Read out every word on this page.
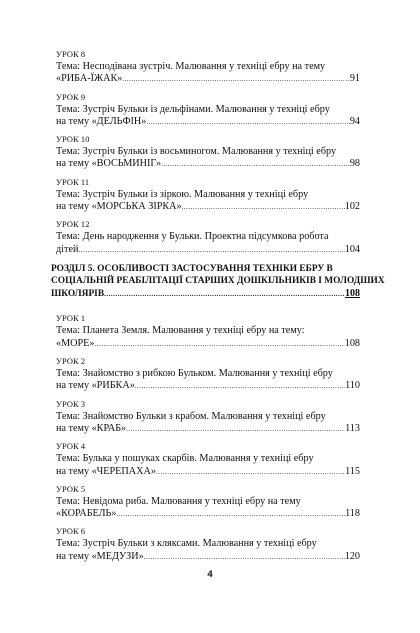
УРОК 8
Тема: Несподівана зустріч. Малювання у техніці ебру на тему
«РИБА-ЇЖАК» .....	91
УРОК 9
Тема: Зустріч Бульки із дельфінами. Малювання у техніці ебру
на тему «ДЕЛЬФІН» .....	94
УРОК 10
Тема: Зустріч Бульки із восьминогом. Малювання у техніці ебру
на тему «ВОСЬМИНІГ» .....	98
УРОК 11
Тема: Зустріч Бульки із зіркою. Малювання у техніці ебру
на тему «МОРСЬКА ЗІРКА» .....	102
УРОК 12
Тема: День народження у Бульки. Проектна підсумкова робота
дітей .....	104
РОЗДІЛ 5. ОСОБЛИВОСТІ ЗАСТОСУВАННЯ ТЕХНІКИ ЕБРУ В
СОЦІАЛЬНІЙ РЕАБІЛІТАЦІЇ СТАРШИХ ДОШКІЛЬНИКІВ І МОЛОДШИХ
ШКОЛЯРІВ .....	108
УРОК 1
Тема: Планета Земля. Малювання у техніці ебру на тему:
«МОРЕ» .....	108
УРОК 2
Тема: Знайомство з рибкою Бульком. Малювання у техніці ебру
на тему «РИБКА» .....	110
УРОК 3
Тема: Знайомство Бульки з крабом. Малювання у техніці ебру
на тему «КРАБ» .....	113
УРОК 4
Тема: Булька у пошуках скарбів. Малювання у техніці ебру
на тему «ЧЕРЕПАХА» .....	115
УРОК 5
Тема: Невідома риба. Малювання у техніці ебру на тему
«КОРАБЕЛЬ» .....	118
УРОК 6
Тема: Зустріч Бульки з кляксами. Малювання у техніці ебру
на тему «МЕДУЗИ» .....	120
4
